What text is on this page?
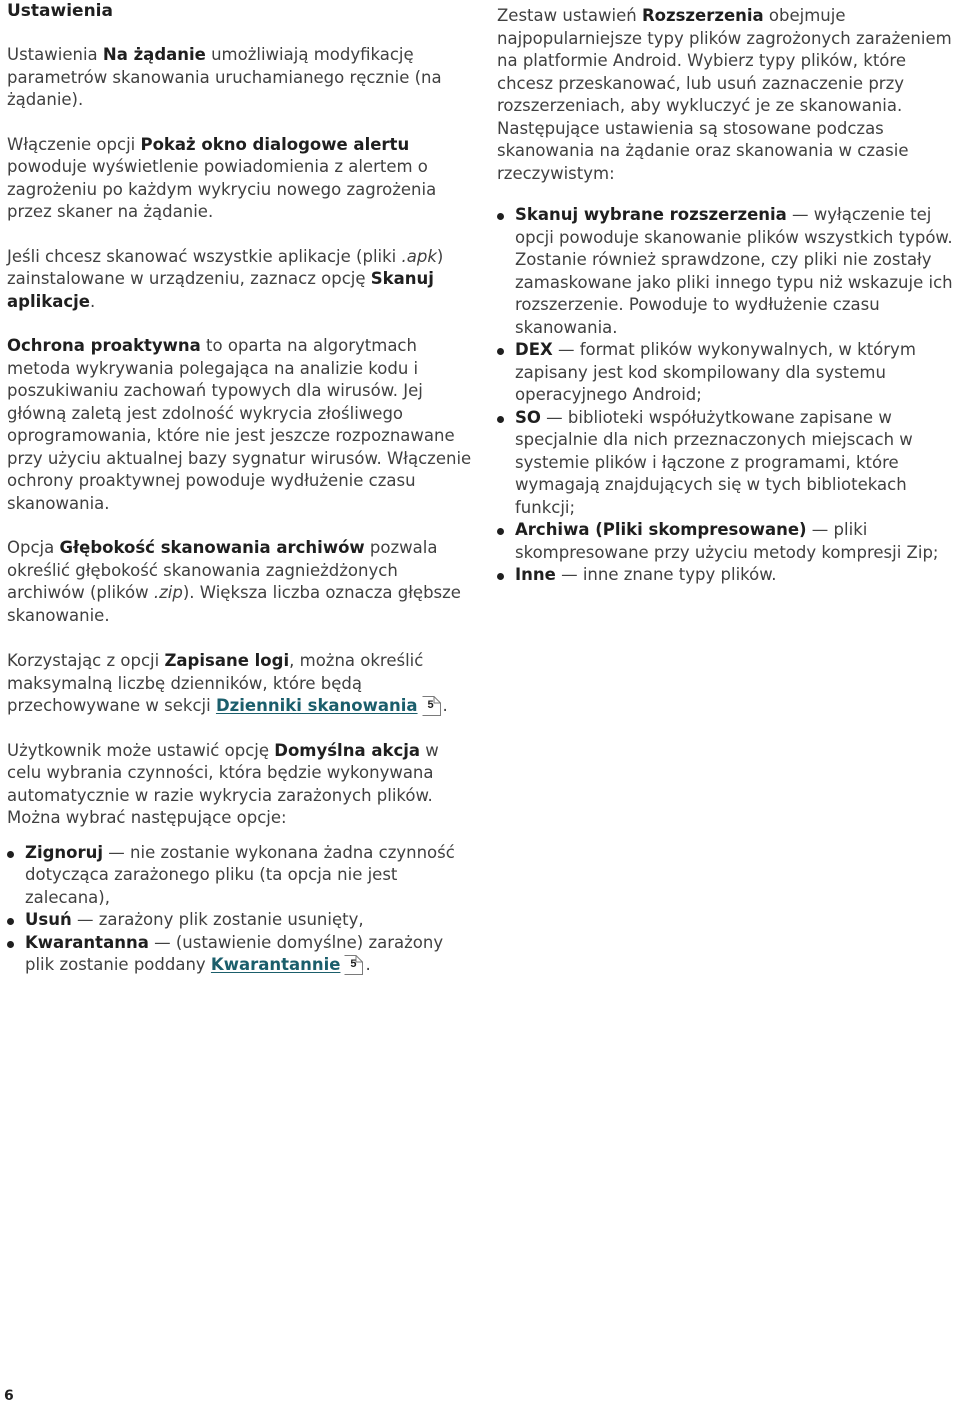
Ustawienia

Ustawienia Na żądanie umożliwiają modyfikację parametrów skanowania uruchamianego ręcznie (na żądanie).

Włączenie opcji Pokaż okno dialogowe alertu powoduje wyświetlenie powiadomienia z alertem o zagrożeniu po każdym wykryciu nowego zagrożenia przez skaner na żądanie.

Jeśli chcesz skanować wszystkie aplikacje (pliki .apk) zainstalowane w urządzeniu, zaznacz opcję Skanuj aplikacje.

Ochrona proaktywna to oparta na algorytmach metoda wykrywania polegająca na analizie kodu i poszukiwaniu zachowań typowych dla wirusów. Jej główną zaletą jest zdolność wykrycia złośliwego oprogramowania, które nie jest jeszcze rozpoznawane przy użyciu aktualnej bazy sygnatur wirusów. Włączenie ochrony proaktywnej powoduje wydłużenie czasu skanowania.

Opcja Głębokość skanowania archiwów pozwala określić głębokość skanowania zagnieżdżonych archiwów (plików .zip). Większa liczba oznacza głębsze skanowanie.

Korzystając z opcji Zapisane logi, można określić maksymalną liczbę dzienników, które będą przechowywane w sekcji Dzienniki skanowania 5 .

Użytkownik może ustawić opcję Domyślna akcja w celu wybrania czynności, która będzie wykonywana automatycznie w razie wykrycia zarażonych plików. Można wybrać następujące opcje:

Zignoruj — nie zostanie wykonana żadna czynność dotycząca zarażonego pliku (ta opcja nie jest zalecana),
Usuń — zarażony plik zostanie usunięty,
Kwarantanna — (ustawienie domyślne) zarażony plik zostanie poddany Kwarantannie 5 .

Zestaw ustawień Rozszerzenia obejmuje najpopularniejsze typy plików zagrożonych zarażeniem na platformie Android. Wybierz typy plików, które chcesz przeskanować, lub usuń zaznaczenie przy rozszerzeniach, aby wykluczyć je ze skanowania. Następujące ustawienia są stosowane podczas skanowania na żądanie oraz skanowania w czasie rzeczywistym:

Skanuj wybrane rozszerzenia — wyłączenie tej opcji powoduje skanowanie plików wszystkich typów. Zostanie również sprawdzone, czy pliki nie zostały zamaskowane jako pliki innego typu niż wskazuje ich rozszerzenie. Powoduje to wydłużenie czasu skanowania.
DEX — format plików wykonywalnych, w którym zapisany jest kod skompilowany dla systemu operacyjnego Android;
SO — biblioteki współużytkowane zapisane w specjalnie dla nich przeznaczonych miejscach w systemie plików i łączone z programami, które wymagają znajdujących się w tych bibliotekach funkcji;
Archiwa (Pliki skompresowane) — pliki skompresowane przy użyciu metody kompresji Zip;
Inne — inne znane typy plików.
6
